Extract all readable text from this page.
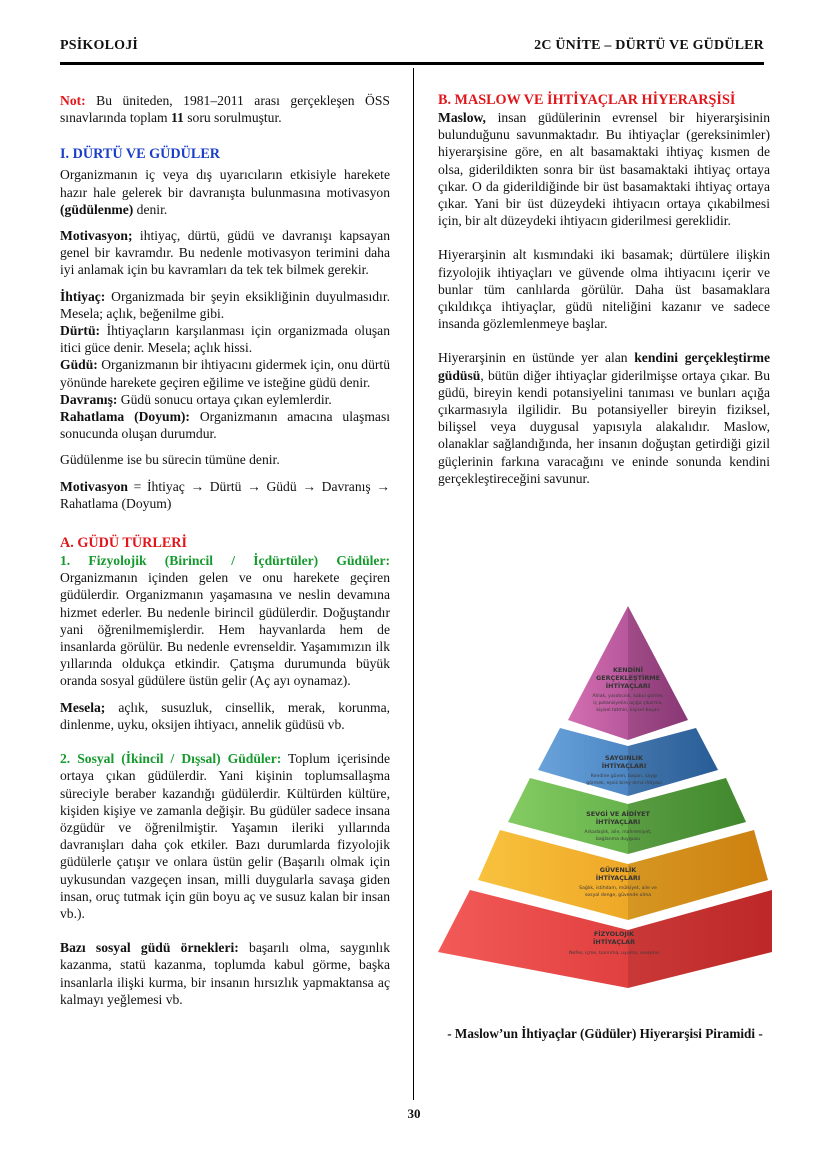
PSİKOLOJİ	2C ÜNİTE – DÜRTÜ VE GÜDÜLER

Not: Bu üniteden, 1981–2011 arası gerçekleşen ÖSS sınavlarında toplam 11 soru sorulmuştur.

I. DÜRTÜ VE GÜDÜLER

Organizmanın iç veya dış uyarıcıların etkisiyle harekete hazır hale gelerek bir davranışta bulunmasına motivasyon (güdülenme) denir.

Motivasyon; ihtiyaç, dürtü, güdü ve davranışı kapsayan genel bir kavramdır. Bu nedenle motivasyon terimini daha iyi anlamak için bu kavramları da tek tek bilmek gerekir.

İhtiyaç: Organizmada bir şeyin eksikliğinin duyulmasıdır. Mesela; açlık, beğenilme gibi.

Dürtü: İhtiyaçların karşılanması için organizmada oluşan itici güce denir. Mesela; açlık hissi.

Güdü: Organizmanın bir ihtiyacını gidermek için, onu dürtü yönünde harekete geçiren eğilime ve isteğine güdü denir.

Davranış: Güdü sonucu ortaya çıkan eylemlerdir.

Rahatlama (Doyum): Organizmanın amacına ulaşması sonucunda oluşan durumdur.

Güdülenme ise bu sürecin tümüne denir.

Motivasyon = İhtiyaç → Dürtü → Güdü → Davranış → Rahatlama (Doyum)

A. GÜDÜ TÜRLERİ

1. Fizyolojik (Birincil / İçdürtüler) Güdüler: Organizmanın içinden gelen ve onu harekete geçiren güdülerdir. Organizmanın yaşamasına ve neslin devamına hizmet ederler. Bu nedenle birincil güdülerdir. Doğuştandır yani öğrenilmemişlerdir. Hem hayvanlarda hem de insanlarda görülür. Bu nedenle evrenseldir. Yaşamımızın ilk yıllarında oldukça etkindir. Çatışma durumunda büyük oranda sosyal güdülere üstün gelir (Aç ayı oynamaz).

Mesela; açlık, susuzluk, cinsellik, merak, korunma, dinlenme, uyku, oksijen ihtiyacı, annelik güdüsü vb.

2. Sosyal (İkincil / Dışsal) Güdüler: Toplum içerisinde ortaya çıkan güdülerdir. Yani kişinin toplumsallaşma süreciyle beraber kazandığı güdülerdir. Kültürden kültüre, kişiden kişiye ve zamanla değişir. Bu güdüler sadece insana özgüdür ve öğrenilmiştir. Yaşamın ileriki yıllarında davranışları daha çok etkiler. Bazı durumlarda fizyolojik güdülerle çatışır ve onlara üstün gelir (Başarılı olmak için uykusundan vazgeçen insan, milli duygularla savaşa giden insan, oruç tutmak için gün boyu aç ve susuz kalan bir insan vb.).

Bazı sosyal güdü örnekleri: başarılı olma, saygınlık kazanma, statü kazanma, toplumda kabul görme, başka insanlarla ilişki kurma, bir insanın hırsızlık yapmaktansa aç kalmayı yeğlemesi vb.

B. MASLOW VE İHTİYAÇLAR HİYERARŞİSİ

Maslow, insan güdülerinin evrensel bir hiyerarşisinin bulunduğunu savunmaktadır. Bu ihtiyaçlar (gereksinimler) hiyerarşisine göre, en alt basamaktaki ihtiyaç kısmen de olsa, giderildikten sonra bir üst basamaktaki ihtiyaç ortaya çıkar. O da giderildiğinde bir üst basamaktaki ihtiyaç ortaya çıkar. Yani bir üst düzeydeki ihtiyacın ortaya çıkabilmesi için, bir alt düzeydeki ihtiyacın giderilmesi gereklidir.

Hiyerarşinin alt kısmındaki iki basamak; dürtülere ilişkin fizyolojik ihtiyaçları ve güvende olma ihtiyacını içerir ve bunlar tüm canlılarda görülür. Daha üst basamaklara çıkıldıkça ihtiyaçlar, güdü niteliğini kazanır ve sadece insanda gözlemlenmeye başlar.

Hiyerarşinin en üstünde yer alan kendini gerçekleştirme güdüsü, bütün diğer ihtiyaçlar giderilmişse ortaya çıkar. Bu güdü, bireyin kendi potansiyelini tanıması ve bunları açığa çıkarmasıyla ilgilidir. Bu potansiyeller bireyin fiziksel, bilişsel veya duygusal yapısıyla alakalıdır. Maslow, olanaklar sağlandığında, her insanın doğuştan getirdiği gizil güçlerinin farkına varacağını ve eninde sonunda kendini gerçekleştireceğini savunur.

KENDİNİ
GERÇEKLEŞTİRME
İHTİYAÇLARI
Ahlak, yaratıcılık, kabul görme,
iç potansiyelini açığa çıkarma,
kişisel tatmin, kişisel başarı
SAYGINLIK
İHTİYAÇLARI
Kendine güven, başarı, saygı
görmek, eşsiz birey olma ihtiyacı
SEVGİ VE AİDİYET
İHTİYAÇLARI
Arkadaşlık, aile, mahremiyet,
bağlanma duygusu
GÜVENLİK
İHTİYAÇLARI
Sağlık, istihdam, mülkiyet, aile ve
sosyal denge, güvende olma
FİZYOLOJİK
İHTİYAÇLAR
Nefes, içme, barınma, uyuma, sevişme
- Maslow’un İhtiyaçlar (Güdüler) Hiyerarşisi Piramidi -
30
